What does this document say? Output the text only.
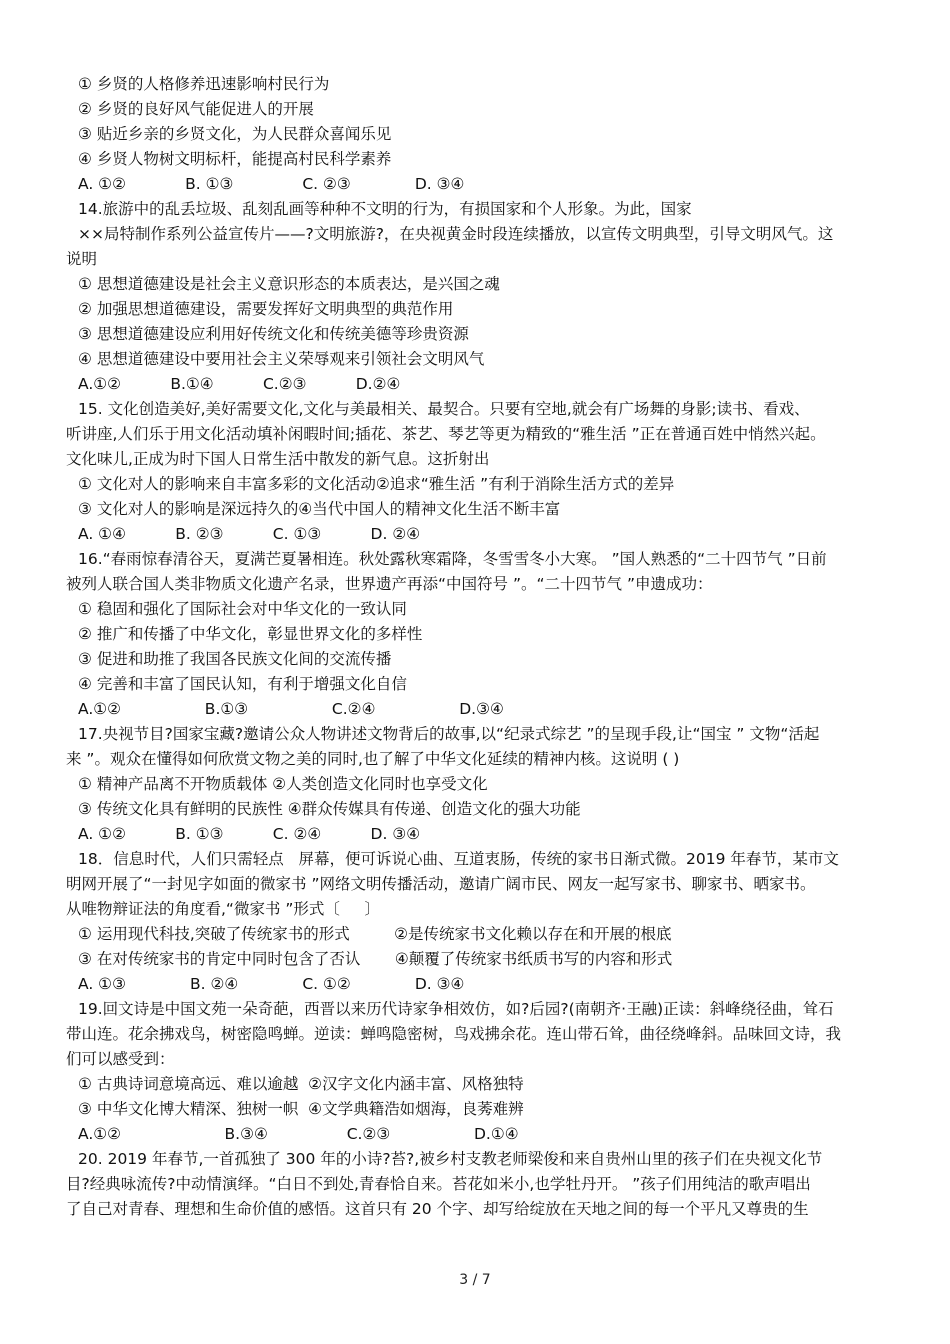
① 乡贤的人格修养迅速影响村民行为
② 乡贤的良好风气能促进人的开展
③ 贴近乡亲的乡贤文化，为人民群众喜闻乐见
④ 乡贤人物树文明标杆，能提高村民科学素养
A. ①②            B. ①③              C. ②③             D. ③④
14.旅游中的乱丢垃圾、乱刻乱画等种种不文明的行为，有损国家和个人形象。为此，国家
××局特制作系列公益宣传片——?文明旅游?，在央视黄金时段连续播放，以宣传文明典型，引导文明风气。这
说明
① 思想道德建设是社会主义意识形态的本质表达，是兴国之魂
② 加强思想道德建设，需要发挥好文明典型的典范作用
③ 思想道德建设应利用好传统文化和传统美德等珍贵资源
④ 思想道德建设中要用社会主义荣辱观来引领社会文明风气
A.①②          B.①④          C.②③          D.②④
15. 文化创造美好,美好需要文化,文化与美最相关、最契合。只要有空地,就会有广场舞的身影;读书、看戏、
听讲座,人们乐于用文化活动填补闲暇时间;插花、茶艺、琴艺等更为精致的“雅生活 ”正在普通百姓中悄然兴起。
文化味儿,正成为时下国人日常生活中散发的新气息。这折射出
① 文化对人的影响来自丰富多彩的文化活动②追求“雅生活 ”有利于消除生活方式的差异
③ 文化对人的影响是深远持久的④当代中国人的精神文化生活不断丰富
A. ①④          B. ②③          C. ①③          D. ②④
16.“春雨惊春清谷天，夏满芒夏暑相连。秋处露秋寒霜降，冬雪雪冬小大寒。 ”国人熟悉的“二十四节气 ”日前
被列人联合国人类非物质文化遗产名录，世界遗产再添“中国符号 ”。“二十四节气 ”申遗成功：
① 稳固和强化了国际社会对中华文化的一致认同
② 推广和传播了中华文化，彰显世界文化的多样性
③ 促进和助推了我国各民族文化间的交流传播
④ 完善和丰富了国民认知，有利于增强文化自信
A.①②                 B.①③                 C.②④                 D.③④
17.央视节目?国家宝藏?邀请公众人物讲述文物背后的故事,以“纪录式综艺 ”的呈现手段,让“国宝 ” 文物“活起
来 ”。观众在懂得如何欣赏文物之美的同时,也了解了中华文化延续的精神内核。这说明 ( )
① 精神产品离不开物质载体 ②人类创造文化同时也享受文化
③ 传统文化具有鲜明的民族性 ④群众传媒具有传递、创造文化的强大功能
A. ①②          B. ①③          C. ②④          D. ③④
18．信息时代，人们只需轻点   屏幕，便可诉说心曲、互道衷肠，传统的家书日渐式微。2019 年春节，某市文
明网开展了“一封见字如面的微家书 ”网络文明传播活动，邀请广阔市民、网友一起写家书、聊家书、晒家书。
从唯物辩证法的角度看,“微家书 ”形式〔     〕
① 运用现代科技,突破了传统家书的形式         ②是传统家书文化赖以存在和开展的根底
③ 在对传统家书的肯定中同时包含了否认       ④颠覆了传统家书纸质书写的内容和形式
A. ①③             B. ②④             C. ①②             D. ③④
19.回文诗是中国文苑一朵奇葩，西晋以来历代诗家争相效仿，如?后园?(南朝齐·王融)正读：斜峰绕径曲，耸石
带山连。花余拂戏鸟，树密隐鸣蝉。逆读：蝉鸣隐密树，鸟戏拂余花。连山带石耸，曲径绕峰斜。品味回文诗，我
们可以感受到：
① 古典诗词意境高远、难以逾越  ②汉字文化内涵丰富、风格独特
③ 中华文化博大精深、独树一帜  ④文学典籍浩如烟海，良莠难辨
A.①②                     B.③④                C.②③                 D.①④
20. 2019 年春节,一首孤独了 300 年的小诗?苔?,被乡村支教老师梁俊和来自贵州山里的孩子们在央视文化节
目?经典咏流传?中动情演绎。“白日不到处,青春恰自来。苔花如米小,也学牡丹开。 ”孩子们用纯洁的歌声唱出
了自己对青春、理想和生命价值的感悟。这首只有 20 个字、却写给绽放在天地之间的每一个平凡又尊贵的生
3 / 7
